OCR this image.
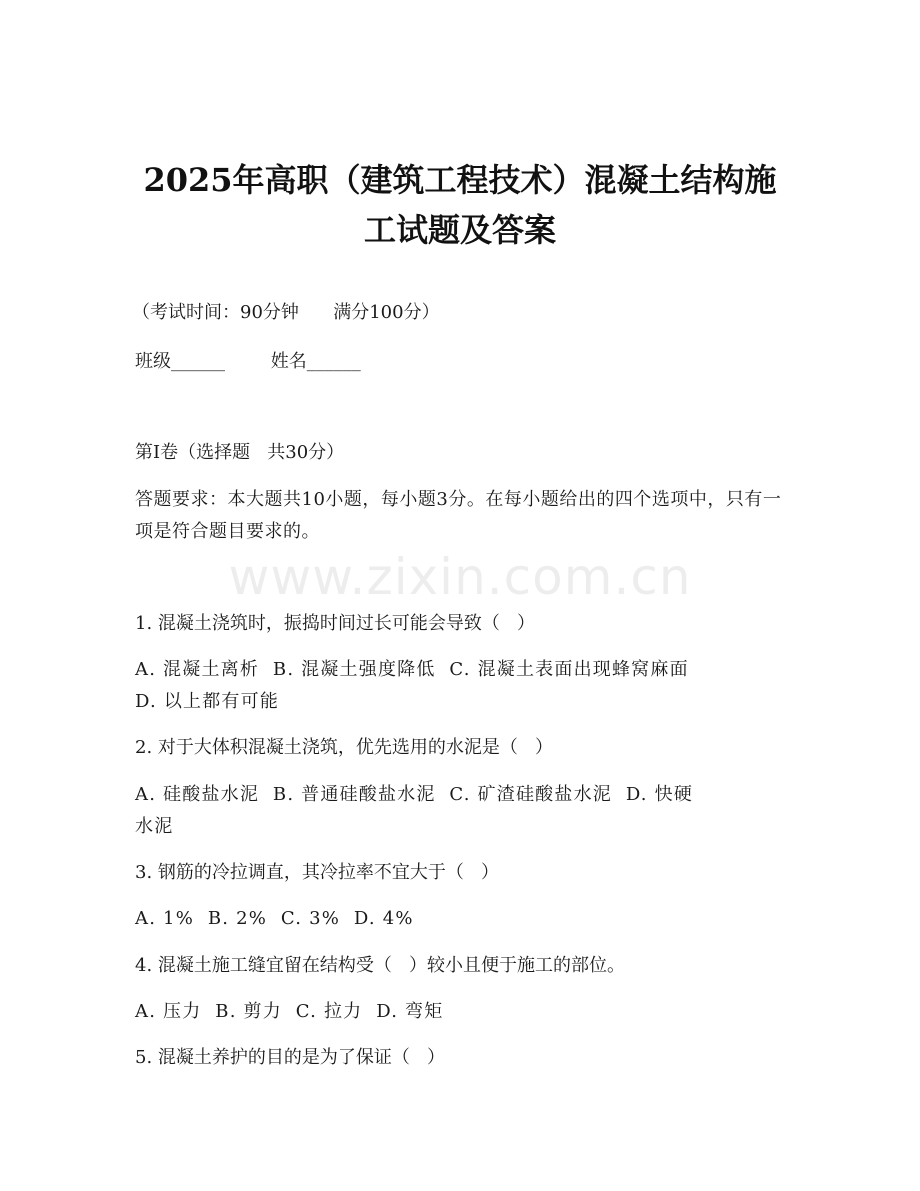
www.zixin.com.cn
2025年高职（建筑工程技术）混凝土结构施
工试题及答案
（考试时间：90分钟      满分100分）
班级______        姓名______
第I卷（选择题   共30分）
答题要求：本大题共10小题，每小题3分。在每小题给出的四个选项中，只有一项是符合题目要求的。
1. 混凝土浇筑时，振捣时间过长可能会导致（   ）
A. 混凝土离析  B. 混凝土强度降低  C. 混凝土表面出现蜂窝麻面
D. 以上都有可能
2. 对于大体积混凝土浇筑，优先选用的水泥是（   ）
A. 硅酸盐水泥  B. 普通硅酸盐水泥  C. 矿渣硅酸盐水泥  D. 快硬
水泥
3. 钢筋的冷拉调直，其冷拉率不宜大于（   ）
A. 1%  B. 2%  C. 3%  D. 4%
4. 混凝土施工缝宜留在结构受（   ）较小且便于施工的部位。
A. 压力  B. 剪力  C. 拉力  D. 弯矩
5. 混凝土养护的目的是为了保证（   ）
